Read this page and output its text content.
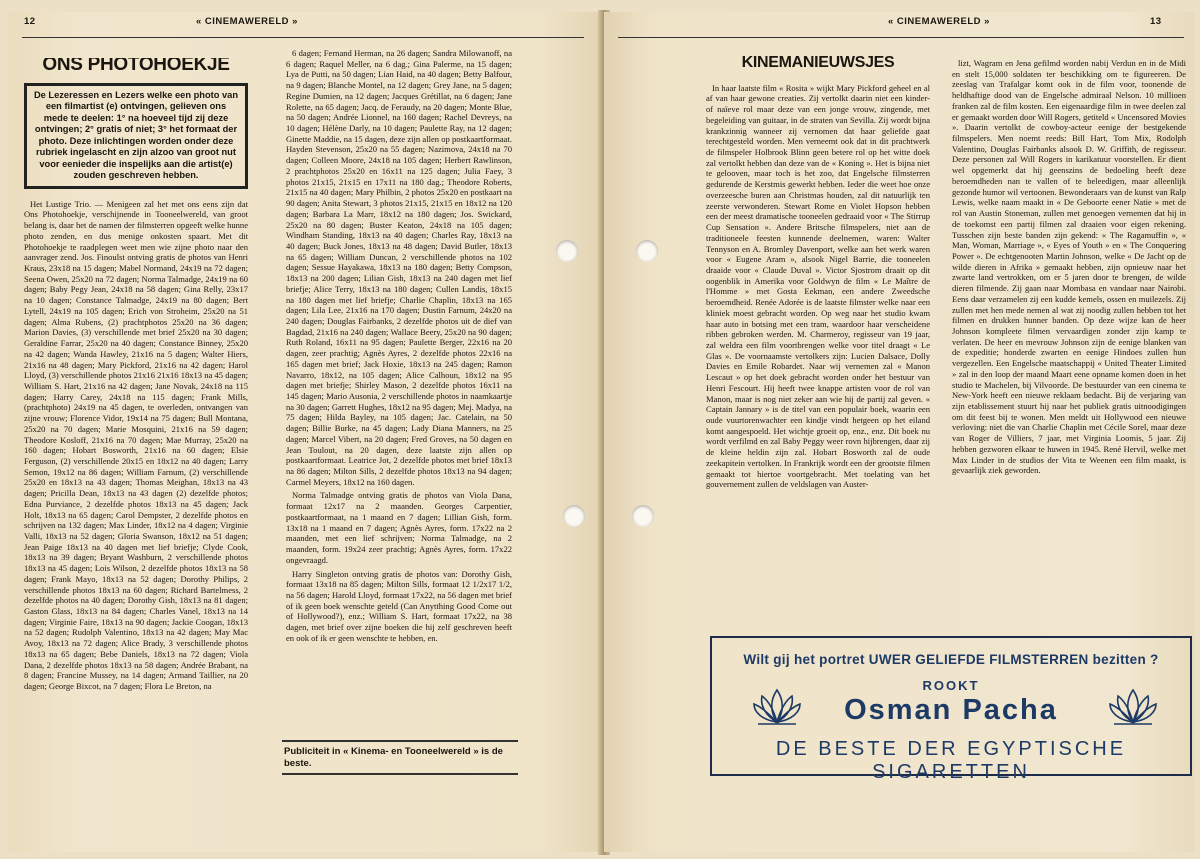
12	« CINEMAWERELD »
ONS PHOTOHOEKJE
De Lezeressen en Lezers welke een photo van een filmartist (e) ontvingen, gelieven ons mede te deelen: 1° na hoeveel tijd zij deze ontvingen; 2° gratis of niet; 3° het formaat der photo. Deze inlichtingen worden onder deze rubriek ingelascht en zijn alzoo van groot nut voor eenieder die inspelijks aan die artist(e) zouden geschreven hebben.

Het Lustige Trio. — Menigeen zal het met ons eens zijn dat Ons Photohoekje, verschijnende in Tooneelwereld, van groot belang is, daar het de namen der filmsterren opgeeft welke hunne photo zenden, en dus menige onkosten spaart. Met dit Photohoekje te raadplegen weet men wie zijne photo naar den aanvrager zend. Jos. Finoulst ontving gratis de photos van Henri Kraus, 23x18 na 15 dagen; Mabel Normand, 24x19 na 72 dagen; Seena Owen, 25x20 na 72 dagen; Norma Talmadge, 24x19 na 60 dagen; Baby Pegy Jean, 24x18 na 58 dagen; Gina Relly, 23x17 na 10 dagen; Constance Talmadge, 24x19 na 80 dagen; Bert Lytell, 24x19 na 105 dagen; Erich von Stroheim, 25x20 na 51 dagen; Alma Rubens, (2) prachtphotos 25x20 na 36 dagen; Marion Davies, (3) verschillende met brief 25x20 na 30 dagen; Geraldine Farrar, 25x20 na 40 dagen; Constance Binney, 25x20 na 42 dagen; Wanda Hawley, 21x16 na 5 dagen; Walter Hiers, 21x16 na 48 dagen; Mary Pickford, 21x16 na 42 dagen; Harol Lloyd, (3) verschillende photos 21x16 21x16 18x13 na 45 dagen; William S. Hart, 21x16 na 42 dagen; Jane Novak, 24x18 na 115 dagen; Harry Carey, 24x18 na 115 dagen; Frank Mills, (prachtphoto) 24x19 na 45 dagen, te overleden, ontvangen van zijne vrouw; Florence Vidor, 19x14 na 75 dagen; Bull Montana, 25x20 na 70 dagen; Marie Mosquini, 21x16 na 59 dagen; Theodore Kosloff, 21x16 na 70 dagen; Mae Murray, 25x20 na 160 dagen; Hobart Bosworth, 21x16 na 60 dagen; Elsie Ferguson, (2) verschillende 20x15 en 18x12 na 40 dagen; Larry Semon, 19x12 na 86 dagen; William Farnum, (2) verschillende 25x20 en 18x13 na 43 dagen; Thomas Meighan, 18x13 na 43 dagen; Pricilla Dean, 18x13 na 43 dagen (2) dezelfde photos; Edna Purviance, 2 dezelfde photos 18x13 na 45 dagen; Jack Holt, 18x13 na 65 dagen; Carol Dempster, 2 dezelfde photos en schrijven na 132 dagen; Max Linder, 18x12 na 4 dagen; Virginie Valli, 18x13 na 52 dagen; Gloria Swanson, 18x12 na 51 dagen; Jean Paige 18x13 na 40 dagen met lief briefje; Clyde Cook, 18x13 na 39 dagen; Bryant Washburn, 2 verschillende photos 18x13 na 45 dagen; Lois Wilson, 2 dezelfde photos 18x13 na 58 dagen; Frank Mayo, 18x13 na 52 dagen; Dorothy Philips, 2 verschillende photos 18x13 na 60 dagen; Richard Bartelmess, 2 dezelfde photos na 40 dagen; Dorothy Gish, 18x13 na 81 dagen; Gaston Glass, 18x13 na 84 dagen; Charles Vanel, 18x13 na 14 dagen; Virginie Faire, 18x13 na 90 dagen; Jackie Coogan, 18x13 na 52 dagen; Rudolph Valentino, 18x13 na 42 dagen; May Mac Avoy, 18x13 na 72 dagen; Alice Brady, 3 verschillende photos 18x13 na 65 dagen; Bebe Daniels, 18x13 na 72 dagen; Viola Dana, 2 dezelfde photos 18x13 na 58 dagen; Andrée Brabant, na 8 dagen; Francine Mussey, na 14 dagen; Armand Taillier, na 20 dagen; George Bixcot, na 7 dagen; Flora Le Breton, na

6 dagen; Fernand Herman, na 26 dagen; Sandra Milowanoff, na 6 dagen; Raquel Meller, na 6 dag.; Gina Palerme, na 15 dagen; Lya de Putti, na 50 dagen; Lian Haid, na 40 dagen; Betty Balfour, na 9 dagen; Blanche Montel, na 12 dagen; Grey Jane, na 5 dagen; Regine Dumien, na 12 dagen; Jacques Grétillat, na 6 dagen; Jane Rolette, na 65 dagen; Jacq. de Feraudy, na 20 dagen; Monte Blue, na 50 dagen; Andrée Lionnel, na 160 dagen; Rachel Devreys, na 10 dagen; Hélène Darly, na 10 dagen; Paulette Ray, na 12 dagen; Ginette Maddie, na 15 dagen, deze zijn allen op postkaartformaat. Hayden Stevenson, 25x20 na 55 dagen; Nazimova, 24x18 na 70 dagen; Colleen Moore, 24x18 na 105 dagen; Herbert Rawlinson, 2 prachtphotos 25x20 en 16x11 na 125 dagen; Julia Faey, 3 photos 21x15, 21x15 en 17x11 na 180 dag.; Theodore Roberts, 21x15 na 40 dagen; Mary Philbin, 2 photos 25x20 en postkaart na 90 dagen; Anita Stewart, 3 photos 21x15, 21x15 en 18x12 na 120 dagen; Barbara La Marr, 18x12 na 180 dagen; Jos. Swickard, 25x20 na 80 dagen; Buster Keaton, 24x18 na 105 dagen; Windham Standing, 18x13 na 40 dagen; Charles Ray, 18x13 na 40 dagen; Buck Jones, 18x13 na 48 dagen; David Butler, 18x13 na 65 dagen; William Duncan, 2 verschillende photos na 102 dagen; Sessue Hayakawa, 18x13 na 180 dagen; Betty Compson, 18x13 na 200 dagen; Lilian Gish, 18x13 na 240 dagen met lief briefje; Alice Terry, 18x13 na 180 dagen; Cullen Landis, 18x15 na 180 dagen met lief briefje; Charlie Chaplin, 18x13 na 165 dagen; Lila Lee, 21x16 na 170 dagen; Dustin Farnum, 24x20 na 240 dagen; Douglas Fairbanks, 2 dezelfde photos uit de dief van Bagdad, 21x16 na 240 dagen; Wallace Beery, 25x20 na 90 dagen; Ruth Roland, 16x11 na 95 dagen; Paulette Berger, 22x16 na 20 dagen, zeer prachtig; Agnès Ayres, 2 dezelfde photos 22x16 na 165 dagen met brief; Jack Hoxie, 18x13 na 245 dagen; Ramon Navarro, 18x12, na 105 dagen; Alice Calhoun, 18x12 na 95 dagen met briefje; Shirley Mason, 2 dezelfde photos 16x11 na 145 dagen; Mario Ausonia, 2 verschillende photos in naamkaartje na 30 dagen; Garrett Hughes, 18x12 na 95 dagen; Mej. Madya, na 75 dagen; Hilda Bayley, na 105 dagen; Jac. Catelain, na 50 dagen; Billie Burke, na 45 dagen; Lady Diana Manners, na 25 dagen; Marcel Vibert, na 20 dagen; Fred Groves, na 50 dagen en Jean Toulout, na 20 dagen, deze laatste zijn allen op postkaartformaat. Leatrice Jot, 2 dezelfde photos met brief 18x13 na 86 dagen; Milton Sills, 2 dezelfde photos 18x13 na 94 dagen; Carmel Meyers, 18x12 na 160 dagen.

Norma Talmadge ontving gratis de photos van Viola Dana, formaat 12x17 na 2 maanden. Georges Carpentier, postkaartformaat, na 1 maand en 7 dagen; Lillian Gish, form. 13x18 na 1 maand en 7 dagen; Agnès Ayres, form. 17x22 na 2 maanden, met een lief schrijven; Norma Talmadge, na 2 maanden, form. 19x24 zeer prachtig; Agnès Ayres, form. 17x22 ongevraagd.

Harry Singleton ontving gratis de photos van: Dorothy Gish, formaat 13x18 na 85 dagen; Milton Sills, formaat 12 1/2x17 1/2, na 56 dagen; Harold Lloyd, formaat 17x22, na 56 dagen met brief of ik geen boek wenschte geteld (Can Anytthing Good Come out of Hollywood?), enz.; William S. Hart, formaat 17x22, na 38 dagen, met brief over zijne boeken die hij zelf geschreven heeft en ook of ik er geen wenschte te hebben, en.

Publiciteit in « Kinema- en Tooneelwereld » is de beste.
« CINEMAWERELD »	13
KINEMANIEUWSJES

In haar laatste film « Rosita » wijkt Mary Pickford geheel en al af van haar gewone creaties. Zij vertolkt daarin niet een kinder- of naïeve rol maar deze van een jonge vrouw, zingende, met begeleiding van guitaar, in de straten van Sevilla. Zij wordt bijna krankzinnig wanneer zij vernomen dat haar geliefde gaat terechtgesteld worden. Men verneemt ook dat in dit prachtwerk de filmspeler Holbrook Blinn geen betere rol op het witte doek zal vertolkt hebben dan deze van de « Koning ». Het is bijna niet te gelooven, maar toch is het zoo, dat Engelsche filmsterren gedurende de Kerstmis gewerkt hebben. Ieder die weet hoe onze overzeesche buren aan Christmas houden, zal dit natuurlijk ten zeerste verwonderen. Stewart Rome en Violet Hopson hebben een der meest dramatische tooneelen gedraaid voor « The Stirrup Cup Sensation ». Andere Britsche filmspelers, niet aan de traditioneele feesten kunnende deelnemen, waren: Walter Tennyson en A. Bromley Davenport, welke aan het werk waren voor « Eugene Aram », alsook Nigel Barrie, die tooneelen draaide voor « Claude Duval ». Victor Sjostrom draait op dit oogenblik in Amerika voor Goldwyn de film « Le Maître de l'Homme » met Gosta Eekman, een andere Zweedsche beroemdheid. Renée Adorée is de laatste filmster welke naar een kliniek moest gebracht worden. Op weg naar het studio kwam haar auto in botsing met een tram, waardoor haar verscheidene ribben gebroken werden. M. Charmeroy, regisseur van 19 jaar, zal weldra een film voortbrengen welke voor titel draagt « Le Glas ». De voornaamste vertolkers zijn: Lucien Dalsace, Dolly Davies en Emile Robardet. Naar wij vernemen zal « Manon Lescaut » op het doek gebracht worden onder het bestuur van Henri Fescourt. Hij heeft twee knappe artisten voor de rol van Manon, maar is nog niet zeker aan wie hij de partij zal geven. « Captain Jannary » is de titel van een populair boek, waarin een oude vuurtorenwachter een kindje vindt hetgeen op het eiland komt aangespoeld. Het wichtje groeit op, enz., enz. Dit boek nu wordt verfilmd en zal Baby Peggy weer rovn hijbrengen, daar zij de kleine heldin zijn zal. Hobart Bosworth zal de oude zeekapitein vertolken. In Frankrijk wordt een der grootste filmen gemaakt tot hiertoe voortgebracht. Met toelating van het gouvernement zullen de veldslagen van Auster-

lizt, Wagram en Jena gefilmd worden nabij Verdun en in de Midi en stelt 15,000 soldaten ter beschikking om te figureeren. De zeeslag van Trafalgar komt ook in de film voor, toonende de heldhaftige dood van de Engelsche admiraal Nelson. 10 millioen franken zal de film kosten. Een eigenaardige film in twee deelen zal er gemaakt worden door Will Rogers, getiteld « Uncensored Movies ». Daarin vertolkt de cowboy-acteur eenige der bestgekende filmspelers. Men noemt reeds: Bill Hart, Tom Mix, Rodolph Valentino, Douglas Fairbanks alsook D. W. Griffith, de regisseur. Deze personen zal Will Rogers in karikatuur voorstellen. Er dient wel opgemerkt dat hij geenszins de bedoeling heeft deze beroemdheden nan te vallen of te beleedigen, maar alleenlijk gezonde humor wil vertoonen. Bewonderaars van de kunst van Ralp Lewis, welke naam maakt in « De Geboorte eener Natie » met de rol van Austin Stoneman, zullen met genoegen vernemen dat hij in de toekomst een partij filmen zal draaien voor eigen rekening. Tusschen zijn beste banden zijn gekend: « The Ragamuffin », « Man, Woman, Marriage », « Eyes of Youth » en « The Conquering Power ». De echtgenooten Martin Johnson, welke « De Jacht op de wilde dieren in Afrika » gemaakt hebben, zijn opnieuw naar het zwarte land vertrokken, om er 5 jaren door te brengen, de wilde dieren filmende. Zij gaan naar Mombasa en vandaar naar Nairobi. Eens daar verzamelen zij een kudde kemels, ossen en muilezels. Zij zullen met hen mede nemen al wat zij noodig zullen hebben tot het filmen en drukken hunner banden. Op deze wijze kan de heer Johnson kompleete filmen vervaardigen zonder zijn kamp te verlaten. De heer en mevrouw Johnson zijn de eenige blanken van de expeditie; honderde zwarten en eenige Hindoes zullen hun vergezellen. Een Engelsche maatschappij « United Theater Limited » zal in den loop der maand Maart eene opname komen doen in het studio te Machelen, bij Vilvoorde. De bestuurder van een cinema te New-York heeft een nieuwe reklaam bedacht. Bij de verjaring van zijn etablissement stuurt hij naar het publiek gratis uitnoodigingen om dit feest bij te wonen. Men meldt uit Hollywood een nieuwe verloving: niet die van Charlie Chaplin met Cécile Sorel, maar deze van Roger de Villiers, 7 jaar, met Virginia Loomis, 5 jaar. Zij hebben gezworen elkaar te huwen in 1945. René Hervil, welke met Max Linder in de studios der Vita te Weenen een film maakt, is gevaarlijk ziek geworden.

Wilt gij het portret UWER GELIEFDE FILMSTERREN bezitten ?
ROOKT
Osman Pacha
DE BESTE DER EGYPTISCHE SIGARETTEN
